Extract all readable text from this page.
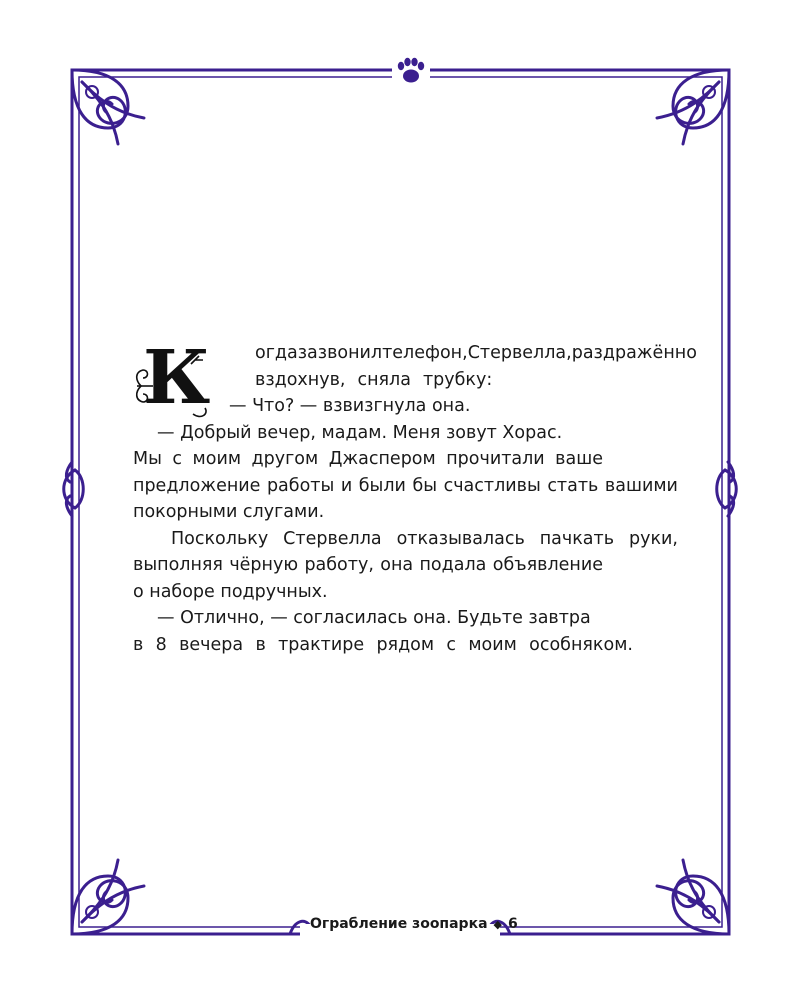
К	огда зазвонил телефон, Стервелла, раздражённо
вздохнув, сняла трубку:
— Что? — взвизгнула она.
— Добрый вечер, мадам. Меня зовут Хорас.
Мы с моим другом Джаспером прочитали ваше
предложение работы и были бы счастливы стать вашими
покорными слугами.
Поскольку Стервелла отказывалась пачкать руки,
выполняя чёрную работу, она подала объявление
о наборе подручных.
— Отлично, — согласилась она. Будьте завтра
в 8 вечера в трактире рядом с моим особняком.
Ограбление зоопарка ◆ 6
